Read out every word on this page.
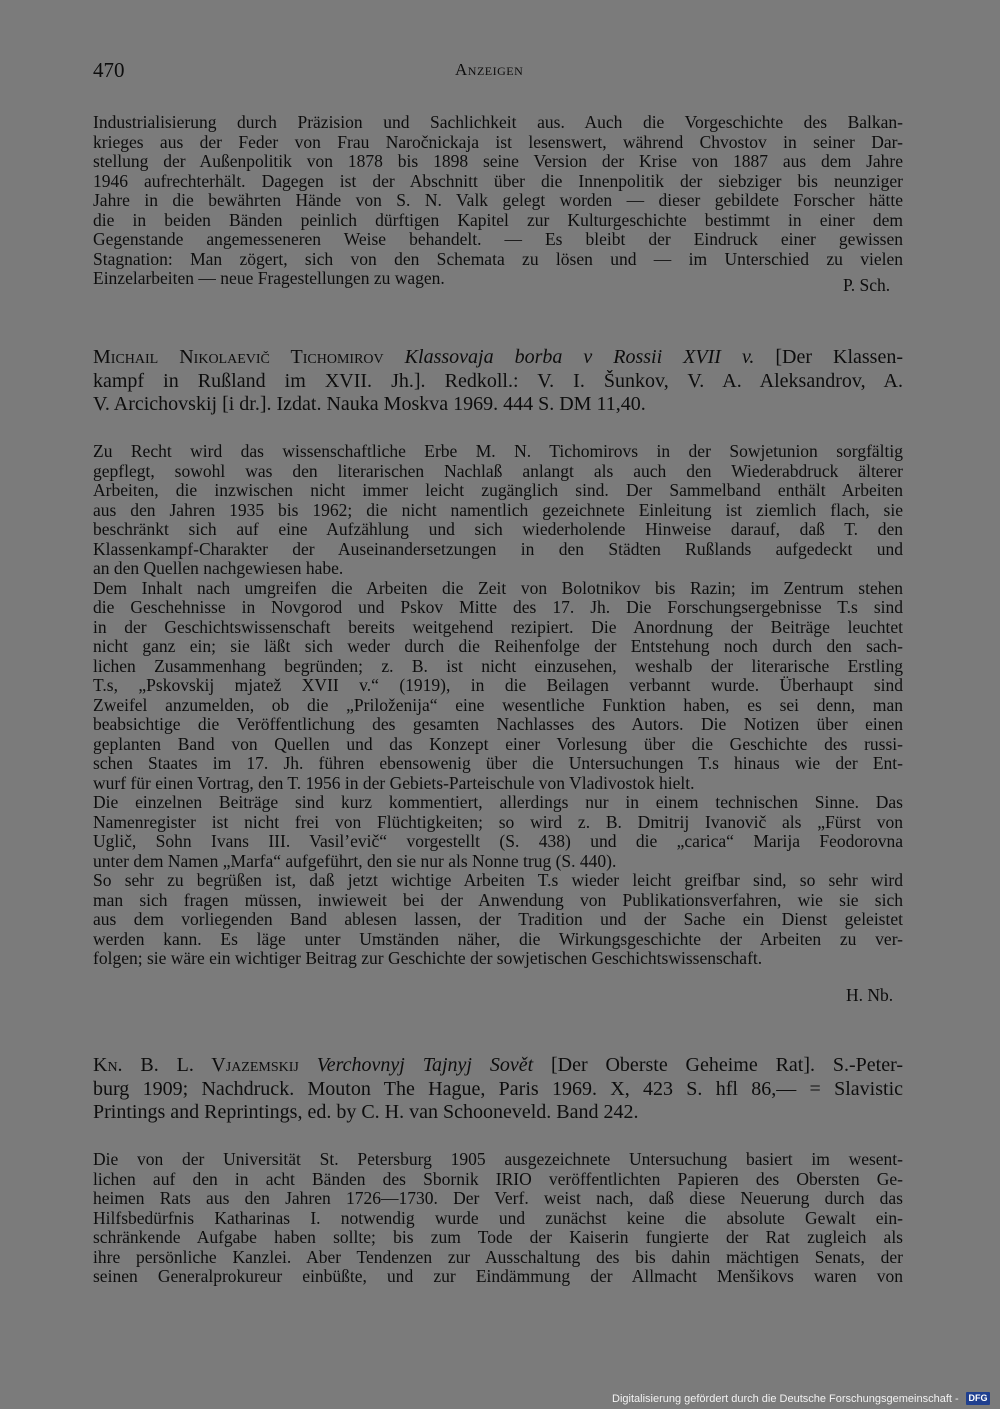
470	Anzeigen
Industrialisierung durch Präzision und Sachlichkeit aus. Auch die Vorgeschichte des Balkan-
krieges aus der Feder von Frau Naročnickaja ist lesenswert, während Chvostov in seiner Dar-
stellung der Außenpolitik von 1878 bis 1898 seine Version der Krise von 1887 aus dem Jahre
1946 aufrechterhält. Dagegen ist der Abschnitt über die Innenpolitik der siebziger bis neunziger
Jahre in die bewährten Hände von S. N. Valk gelegt worden — dieser gebildete Forscher hätte
die in beiden Bänden peinlich dürftigen Kapitel zur Kulturgeschichte bestimmt in einer dem
Gegenstande angemesseneren Weise behandelt. — Es bleibt der Eindruck einer gewissen
Stagnation: Man zögert, sich von den Schemata zu lösen und — im Unterschied zu vielen
Einzelarbeiten — neue Fragestellungen zu wagen.	P. Sch.
Michail Nikolaevič Tichomirov Klassovaja borba v Rossii XVII v. [Der Klassen-
kampf in Rußland im XVII. Jh.]. Redkoll.: V. I. Šunkov, V. A. Aleksandrov, A.
V. Arcichovskij [i dr.]. Izdat. Nauka Moskva 1969. 444 S. DM 11,40.
Zu Recht wird das wissenschaftliche Erbe M. N. Tichomirovs in der Sowjetunion sorgfältig
gepflegt, sowohl was den literarischen Nachlaß anlangt als auch den Wiederabdruck älterer
Arbeiten, die inzwischen nicht immer leicht zugänglich sind. Der Sammelband enthält Arbeiten
aus den Jahren 1935 bis 1962; die nicht namentlich gezeichnete Einleitung ist ziemlich flach, sie
beschränkt sich auf eine Aufzählung und sich wiederholende Hinweise darauf, daß T. den
Klassenkampf-Charakter der Auseinandersetzungen in den Städten Rußlands aufgedeckt und
an den Quellen nachgewiesen habe.
Dem Inhalt nach umgreifen die Arbeiten die Zeit von Bolotnikov bis Razin; im Zentrum stehen
die Geschehnisse in Novgorod und Pskov Mitte des 17. Jh. Die Forschungsergebnisse T.s sind
in der Geschichtswissenschaft bereits weitgehend rezipiert. Die Anordnung der Beiträge leuchtet
nicht ganz ein; sie läßt sich weder durch die Reihenfolge der Entstehung noch durch den sach-
lichen Zusammenhang begründen; z. B. ist nicht einzusehen, weshalb der literarische Erstling
T.s, „Pskovskij mjatež XVII v.“ (1919), in die Beilagen verbannt wurde. Überhaupt sind
Zweifel anzumelden, ob die „Priloženija“ eine wesentliche Funktion haben, es sei denn, man
beabsichtige die Veröffentlichung des gesamten Nachlasses des Autors. Die Notizen über einen
geplanten Band von Quellen und das Konzept einer Vorlesung über die Geschichte des russi-
schen Staates im 17. Jh. führen ebensowenig über die Untersuchungen T.s hinaus wie der Ent-
wurf für einen Vortrag, den T. 1956 in der Gebiets-Parteischule von Vladivostok hielt.
Die einzelnen Beiträge sind kurz kommentiert, allerdings nur in einem technischen Sinne. Das
Namenregister ist nicht frei von Flüchtigkeiten; so wird z. B. Dmitrij Ivanovič als „Fürst von
Uglič, Sohn Ivans III. Vasil’evič“ vorgestellt (S. 438) und die „carica“ Marija Feodorovna
unter dem Namen „Marfa“ aufgeführt, den sie nur als Nonne trug (S. 440).
So sehr zu begrüßen ist, daß jetzt wichtige Arbeiten T.s wieder leicht greifbar sind, so sehr wird
man sich fragen müssen, inwieweit bei der Anwendung von Publikationsverfahren, wie sie sich
aus dem vorliegenden Band ablesen lassen, der Tradition und der Sache ein Dienst geleistet
werden kann. Es läge unter Umständen näher, die Wirkungsgeschichte der Arbeiten zu ver-
folgen; sie wäre ein wichtiger Beitrag zur Geschichte der sowjetischen Geschichtswissenschaft.
H. Nb.
Kn. B. L. Vjazemskij Verchovnyj Tajnyj Sovět [Der Oberste Geheime Rat]. S.-Peter-
burg 1909; Nachdruck. Mouton The Hague, Paris 1969. X, 423 S. hfl 86,— = Slavistic
Printings and Reprintings, ed. by C. H. van Schooneveld. Band 242.
Die von der Universität St. Petersburg 1905 ausgezeichnete Untersuchung basiert im wesent-
lichen auf den in acht Bänden des Sbornik IRIO veröffentlichten Papieren des Obersten Ge-
heimen Rats aus den Jahren 1726—1730. Der Verf. weist nach, daß diese Neuerung durch das
Hilfsbedürfnis Katharinas I. notwendig wurde und zunächst keine die absolute Gewalt ein-
schränkende Aufgabe haben sollte; bis zum Tode der Kaiserin fungierte der Rat zugleich als
ihre persönliche Kanzlei. Aber Tendenzen zur Ausschaltung des bis dahin mächtigen Senats, der
seinen Generalprokureur einbüßte, und zur Eindämmung der Allmacht Menšikovs waren von
Digitalisierung gefördert durch die Deutsche Forschungsgemeinschaft - DFG
